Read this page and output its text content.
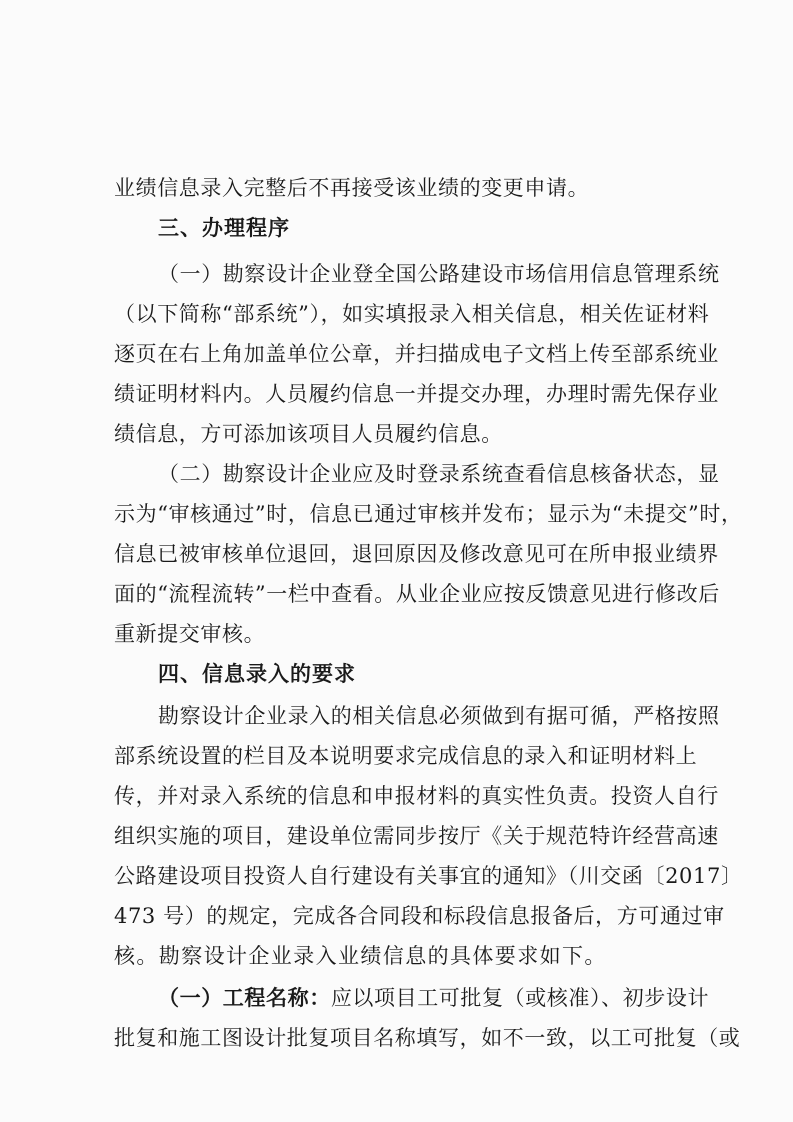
业绩信息录入完整后不再接受该业绩的变更申请。
三、办理程序
（一）勘察设计企业登全国公路建设市场信用信息管理系统
（以下简称“部系统”），如实填报录入相关信息，相关佐证材料
逐页在右上角加盖单位公章，并扫描成电子文档上传至部系统业
绩证明材料内。人员履约信息一并提交办理，办理时需先保存业
绩信息，方可添加该项目人员履约信息。
（二）勘察设计企业应及时登录系统查看信息核备状态，显
示为“审核通过”时，信息已通过审核并发布；显示为“未提交”时，
信息已被审核单位退回，退回原因及修改意见可在所申报业绩界
面的“流程流转”一栏中查看。从业企业应按反馈意见进行修改后
重新提交审核。
四、信息录入的要求
勘察设计企业录入的相关信息必须做到有据可循，严格按照
部系统设置的栏目及本说明要求完成信息的录入和证明材料上
传，并对录入系统的信息和申报材料的真实性负责。投资人自行
组织实施的项目，建设单位需同步按厅《关于规范特许经营高速
公路建设项目投资人自行建设有关事宜的通知》（川交函〔2017〕
473 号）的规定，完成各合同段和标段信息报备后，方可通过审
核。勘察设计企业录入业绩信息的具体要求如下。
（一）工程名称：应以项目工可批复（或核准）、初步设计
批复和施工图设计批复项目名称填写，如不一致，以工可批复（或
